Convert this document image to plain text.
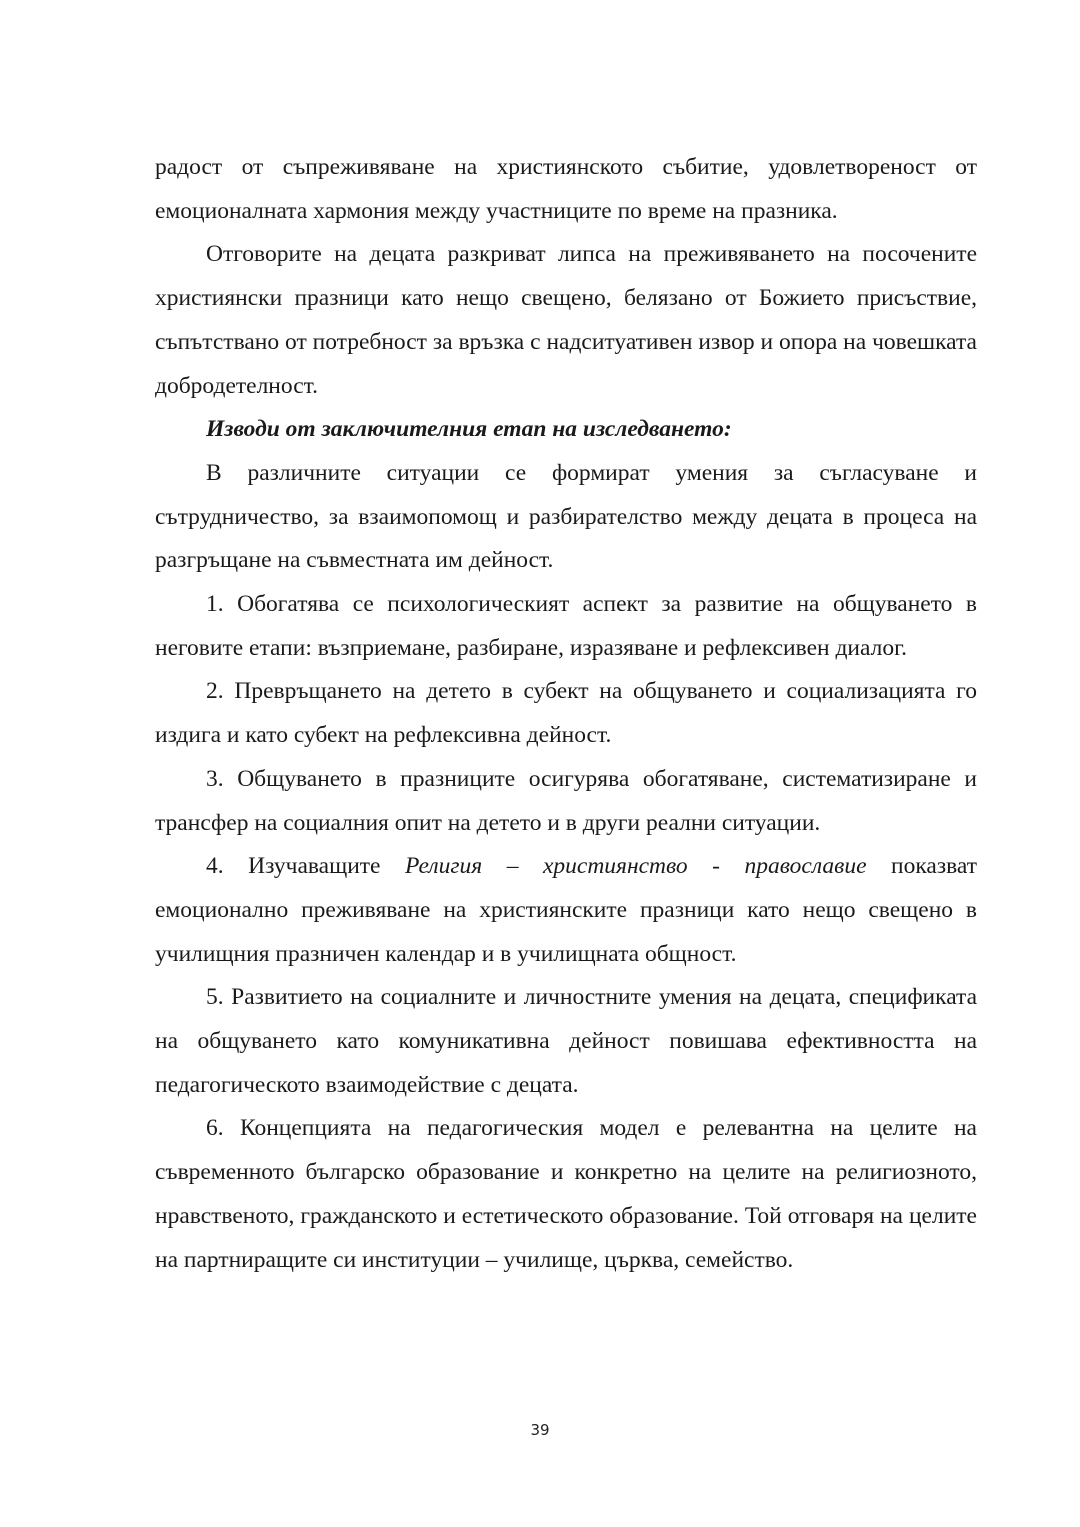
радост от съпреживяване на християнското събитие, удовлетвореност от емоционалната хармония между участниците по време на празника.

Отговорите на децата разкриват липса на преживяването на посочените християнски празници като нещо свещено, белязано от Божието присъствие, съпътствано от потребност за връзка с надситуативен извор и опора на човешката добродетелност.

Изводи от заключителния етап на изследването:

В различните ситуации се формират умения за съгласуване и сътрудничество, за взаимопомощ и разбирателство между децата в процеса на разгръщане на съвместната им дейност.

1. Обогатява се психологическият аспект за развитие на общуването в неговите етапи: възприемане, разбиране, изразяване и рефлексивен диалог.

2. Превръщането на детето в субект на общуването и социализацията го издига и като субект на рефлексивна дейност.

3. Общуването в празниците осигурява обогатяване, систематизиране и трансфер на социалния опит на детето и в други реални ситуации.

4. Изучаващите Религия – християнство - православие показват емоционално преживяване на християнските празници като нещо свещено в училищния празничен календар и в училищната общност.

5. Развитието на социалните и личностните умения на децата, спецификата на общуването като комуникативна дейност повишава ефективността на педагогическото взаимодействие с децата.

6. Концепцията на педагогическия модел е релевантна на целите на съвременното българско образование и конкретно на целите на религиозното, нравственото, гражданското и естетическото образование. Той отговаря на целите на партниращите си институции – училище, църква, семейство.

39
